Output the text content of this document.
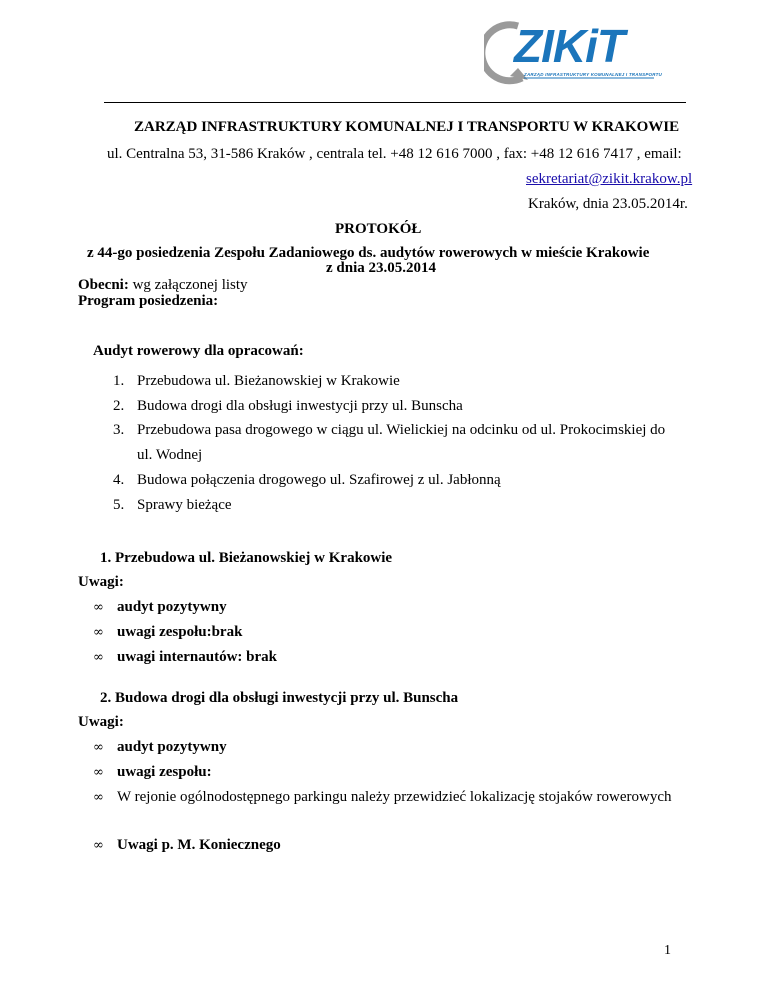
ZIKiT
ZARZĄD INFRASTRUKTURY KOMUNALNEJ I TRANSPORTU
ZARZĄD INFRASTRUKTURY KOMUNALNEJ I TRANSPORTU W KRAKOWIE
ul. Centralna 53, 31-586 Kraków , centrala tel. +48 12 616 7000 , fax: +48 12 616 7417 , email:
sekretariat@zikit.krakow.pl
Kraków, dnia 23.05.2014r.
PROTOKÓŁ
z 44-go posiedzenia Zespołu Zadaniowego ds. audytów rowerowych w mieście Krakowie
z dnia 23.05.2014
Obecni: wg załączonej listy
Program posiedzenia:
Audyt rowerowy dla opracowań:
1. Przebudowa ul. Bieżanowskiej w Krakowie
2. Budowa drogi dla obsługi inwestycji przy ul. Bunscha
3. Przebudowa pasa drogowego w ciągu ul. Wielickiej na odcinku od ul. Prokocimskiej do
ul. Wodnej
4. Budowa połączenia drogowego ul. Szafirowej z ul. Jabłonną
5. Sprawy bieżące
1. Przebudowa ul. Bieżanowskiej w Krakowie
Uwagi:
∞ audyt pozytywny
∞ uwagi zespołu:brak
∞ uwagi internautów: brak
2. Budowa drogi dla obsługi inwestycji przy ul. Bunscha
Uwagi:
∞ audyt pozytywny
∞ uwagi zespołu:
∞ W rejonie ogólnodostępnego parkingu należy przewidzieć lokalizację stojaków rowerowych
∞ Uwagi p. M. Koniecznego
1
